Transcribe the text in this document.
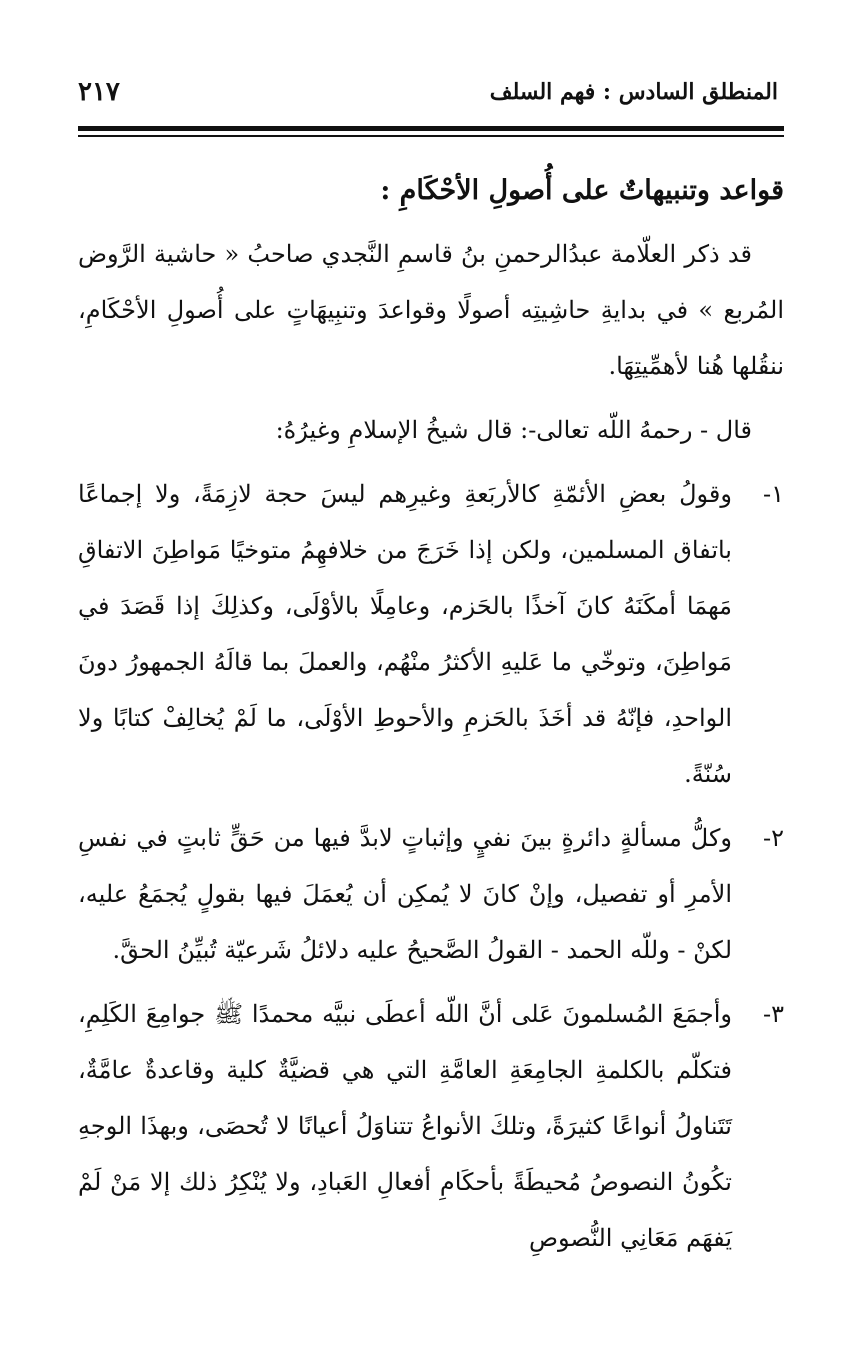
المنطلق السادس : فهم السلف
٢١٧
قواعد وتنبيهاتٌ على أُصولِ الأحْكَامِ :

قد ذكر العلّامة عبدُالرحمنِ بنُ قاسمِ النَّجدي صاحبُ « حاشية الرَّوض المُربع » في بدايةِ حاشِيتِه أصولًا وقواعدَ وتنبِيهَاتٍ على أُصولِ الأحْكَامِ، ننقُلها هُنا لأهمِّيتِهَا.

قال - رحمهُ اللّه تعالى-: قال شيخُ الإسلامِ وغيرُهُ:

١-
وقولُ بعضِ الأئمّةِ كالأربَعةِ وغيرِهم ليسَ حجة لازِمَةً، ولا إجماعًا باتفاق المسلمين، ولكن إذا خَرَجَ من خلافهِمُ متوخيًا مَواطِنَ الاتفاقِ مَهمَا أمكَنَهُ كانَ آخذًا بالحَزم، وعامِلًا بالأوْلَى، وكذلِكَ إذا قَصَدَ في مَواطِنَ، وتوخّي ما عَليهِ الأكثرُ منْهُم، والعملَ بما قالَهُ الجمهورُ دونَ الواحدِ، فإنّهُ قد أخَذَ بالحَزمِ والأحوطِ الأوْلَى، ما لَمْ يُخالِفْ كتابًا ولا سُنّةً.
٢-
وكلُّ مسألةٍ دائرةٍ بينَ نفيٍ وإثباتٍ لابدَّ فيها من حَقٍّ ثابتٍ في نفسِ الأمرِ أو تفصيل، وإنْ كانَ لا يُمكِن أن يُعمَلَ فيها بقولٍ يُجمَعُ عليه، لكنْ - وللّه الحمد - القولُ الصَّحيحُ عليه دلائلُ شَرعيّة تُبيِّنُ الحقَّ.
٣-
وأجمَعَ المُسلمونَ عَلى أنَّ اللّه أعطَى نبيَّه محمدًا ﷺ جوامِعَ الكَلِمِ، فتكلّم بالكلمةِ الجامِعَةِ العامَّةِ التي هي قضيَّةٌ كلية وقاعدةٌ عامَّةٌ، تَتَناولُ أنواعًا كثيرَةً، وتلكَ الأنواعُ تتناوَلُ أعيانًا لا تُحصَى، وبهذَا الوجهِ تكُونُ النصوصُ مُحيطَةً بأحكَامِ أفعالِ العَبادِ، ولا يُنْكِرُ ذلك إلا مَنْ لَمْ يَفهَم مَعَانِي النُّصوصِ
